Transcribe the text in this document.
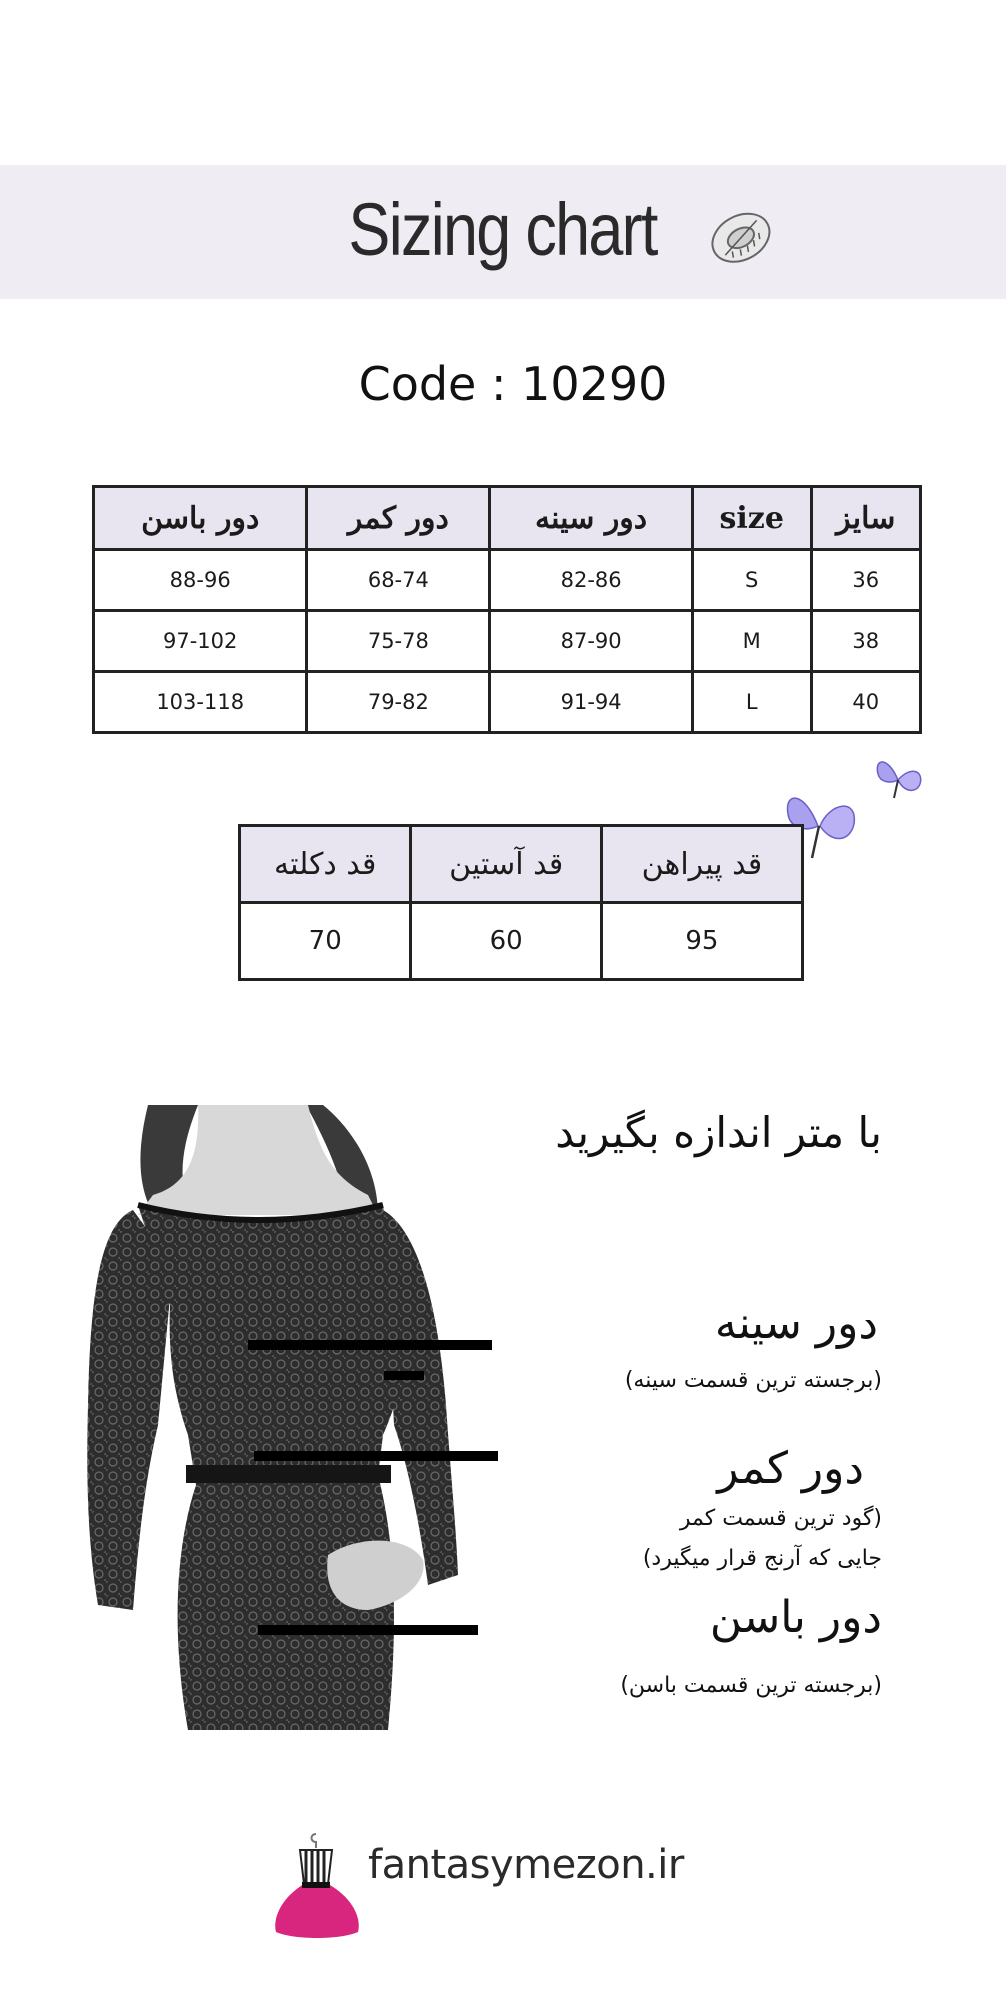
Sizing chart
Code : 10290
دور باسن	دور کمر	دور سینه	size	سایز
88-96	68-74	82-86	S	36
97-102	75-78	87-90	M	38
103-118	79-82	91-94	L	40
قد دکلته	قد آستین	قد پیراهن
70	60	95
با متر اندازه بگیرید
دور سینه
(برجسته ترین قسمت سینه)
دور کمر
(گود ترین قسمت کمر
جایی که آرنج قرار میگیرد)
دور باسن
(برجسته ترین قسمت باسن)
fantasymezon.ir
